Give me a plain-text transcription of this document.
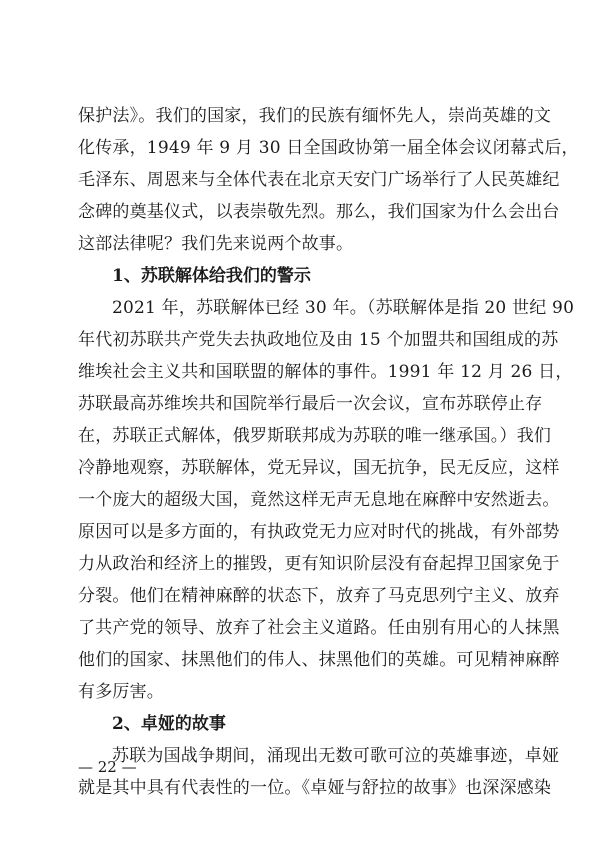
保护法》。我们的国家，我们的民族有缅怀先人，崇尚英雄的文
化传承，1949 年 9 月 30 日全国政协第一届全体会议闭幕式后，
毛泽东、周恩来与全体代表在北京天安门广场举行了人民英雄纪
念碑的奠基仪式，以表崇敬先烈。那么，我们国家为什么会出台
这部法律呢？我们先来说两个故事。
1、苏联解体给我们的警示
2021 年，苏联解体已经 30 年。（苏联解体是指 20 世纪 90
年代初苏联共产党失去执政地位及由 15 个加盟共和国组成的苏
维埃社会主义共和国联盟的解体的事件。1991 年 12 月 26 日，
苏联最高苏维埃共和国院举行最后一次会议，宣布苏联停止存
在，苏联正式解体，俄罗斯联邦成为苏联的唯一继承国。）我们
冷静地观察，苏联解体，党无异议，国无抗争，民无反应，这样
一个庞大的超级大国，竟然这样无声无息地在麻醉中安然逝去。
原因可以是多方面的，有执政党无力应对时代的挑战，有外部势
力从政治和经济上的摧毁，更有知识阶层没有奋起捍卫国家免于
分裂。他们在精神麻醉的状态下，放弃了马克思列宁主义、放弃
了共产党的领导、放弃了社会主义道路。任由别有用心的人抹黑
他们的国家、抹黑他们的伟人、抹黑他们的英雄。可见精神麻醉
有多厉害。
2、卓娅的故事
苏联为国战争期间，涌现出无数可歌可泣的英雄事迹，卓娅
就是其中具有代表性的一位。《卓娅与舒拉的故事》也深深感染
— 22 —
